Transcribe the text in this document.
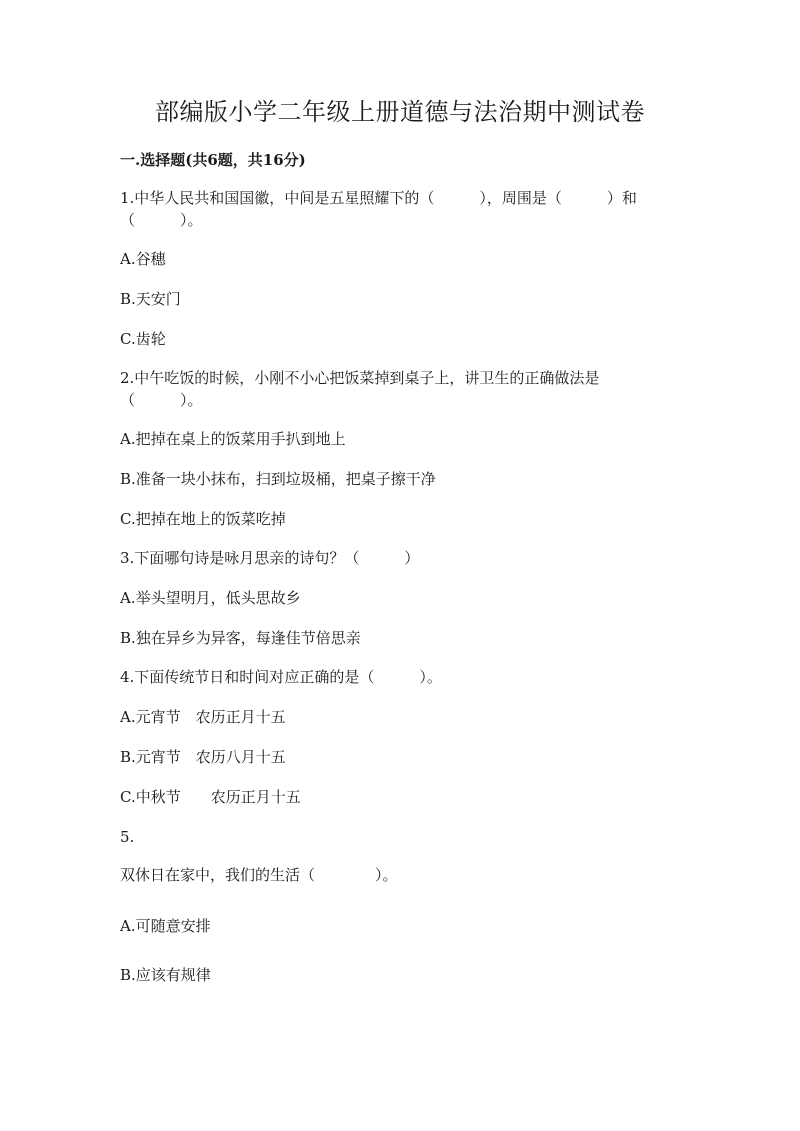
部编版小学二年级上册道德与法治期中测试卷
一.选择题(共6题，共16分)
1.中华人民共和国国徽，中间是五星照耀下的（　　　），周围是（　　　）和
（　　　）。
A.谷穗
B.天安门
C.齿轮
2.中午吃饭的时候，小刚不小心把饭菜掉到桌子上，讲卫生的正确做法是
（　　　）。
A.把掉在桌上的饭菜用手扒到地上
B.准备一块小抹布，扫到垃圾桶，把桌子擦干净
C.把掉在地上的饭菜吃掉
3.下面哪句诗是咏月思亲的诗句？（　　　）
A.举头望明月，低头思故乡
B.独在异乡为异客，每逢佳节倍思亲
4.下面传统节日和时间对应正确的是（　　　）。
A.元宵节　农历正月十五
B.元宵节　农历八月十五
C.中秋节　　农历正月十五
5.
双休日在家中，我们的生活（　　　　）。
A.可随意安排
B.应该有规律
